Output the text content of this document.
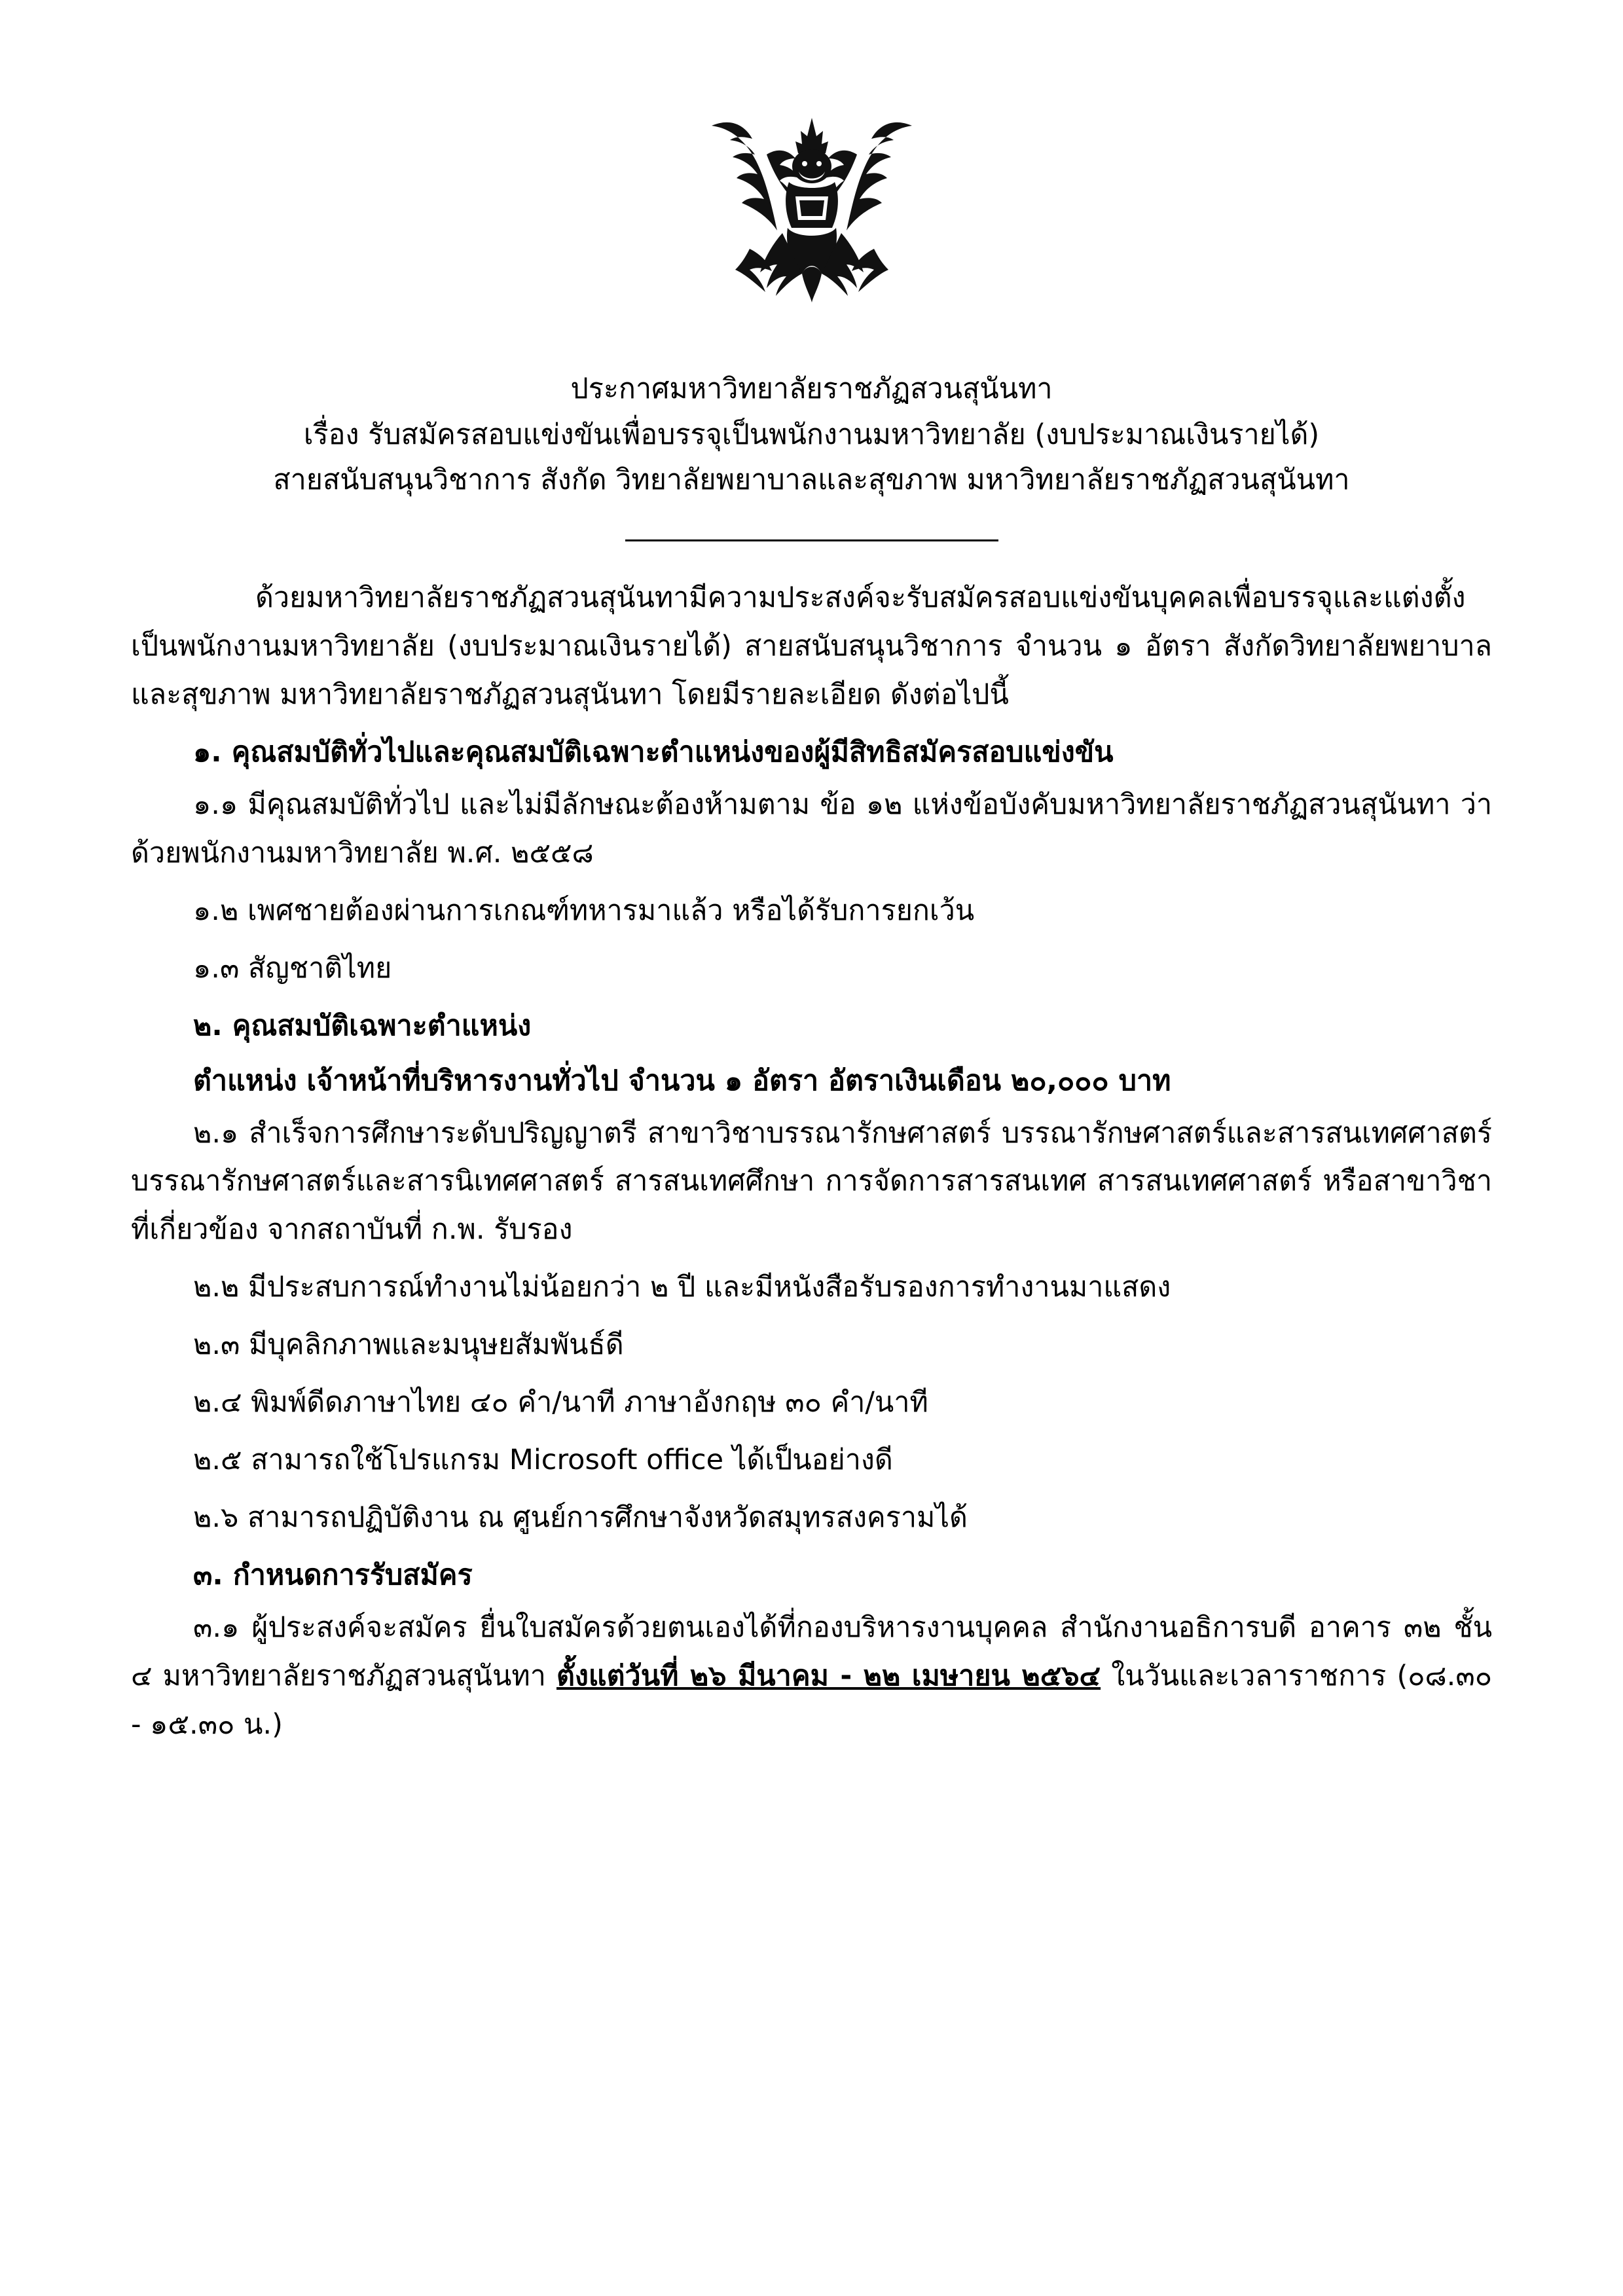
ประกาศมหาวิทยาลัยราชภัฏสวนสุนันทา
เรื่อง รับสมัครสอบแข่งขันเพื่อบรรจุเป็นพนักงานมหาวิทยาลัย (งบประมาณเงินรายได้)
สายสนับสนุนวิชาการ สังกัด วิทยาลัยพยาบาลและสุขภาพ มหาวิทยาลัยราชภัฏสวนสุนันทา

ด้วยมหาวิทยาลัยราชภัฏสวนสุนันทามีความประสงค์จะรับสมัครสอบแข่งขันบุคคลเพื่อบรรจุและแต่งตั้งเป็นพนักงานมหาวิทยาลัย (งบประมาณเงินรายได้) สายสนับสนุนวิชาการ จำนวน ๑ อัตรา สังกัดวิทยาลัยพยาบาลและสุขภาพ มหาวิทยาลัยราชภัฏสวนสุนันทา โดยมีรายละเอียด ดังต่อไปนี้

๑. คุณสมบัติทั่วไปและคุณสมบัติเฉพาะตำแหน่งของผู้มีสิทธิสมัครสอบแข่งขัน

๑.๑ มีคุณสมบัติทั่วไป และไม่มีลักษณะต้องห้ามตาม ข้อ ๑๒ แห่งข้อบังคับมหาวิทยาลัยราชภัฏสวนสุนันทา ว่าด้วยพนักงานมหาวิทยาลัย พ.ศ. ๒๕๕๘

๑.๒ เพศชายต้องผ่านการเกณฑ์ทหารมาแล้ว หรือได้รับการยกเว้น

๑.๓ สัญชาติไทย

๒. คุณสมบัติเฉพาะตำแหน่ง

ตำแหน่ง เจ้าหน้าที่บริหารงานทั่วไป จำนวน ๑ อัตรา อัตราเงินเดือน ๒๐,๐๐๐ บาท

๒.๑ สำเร็จการศึกษาระดับปริญญาตรี สาขาวิชาบรรณารักษศาสตร์ บรรณารักษศาสตร์และสารสนเทศศาสตร์ บรรณารักษศาสตร์และสารนิเทศศาสตร์ สารสนเทศศึกษา การจัดการสารสนเทศ สารสนเทศศาสตร์ หรือสาขาวิชาที่เกี่ยวข้อง จากสถาบันที่ ก.พ. รับรอง

๒.๒ มีประสบการณ์ทำงานไม่น้อยกว่า ๒ ปี และมีหนังสือรับรองการทำงานมาแสดง

๒.๓ มีบุคลิกภาพและมนุษยสัมพันธ์ดี

๒.๔ พิมพ์ดีดภาษาไทย ๔๐ คำ/นาที ภาษาอังกฤษ ๓๐ คำ/นาที

๒.๕ สามารถใช้โปรแกรม Microsoft office ได้เป็นอย่างดี

๒.๖ สามารถปฏิบัติงาน ณ ศูนย์การศึกษาจังหวัดสมุทรสงครามได้

๓. กำหนดการรับสมัคร

๓.๑ ผู้ประสงค์จะสมัคร ยื่นใบสมัครด้วยตนเองได้ที่กองบริหารงานบุคคล สำนักงานอธิการบดี อาคาร ๓๒ ชั้น ๔ มหาวิทยาลัยราชภัฏสวนสุนันทา ตั้งแต่วันที่ ๒๖ มีนาคม - ๒๒ เมษายน ๒๕๖๔ ในวันและเวลาราชการ (๐๘.๓๐ - ๑๕.๓๐ น.)
